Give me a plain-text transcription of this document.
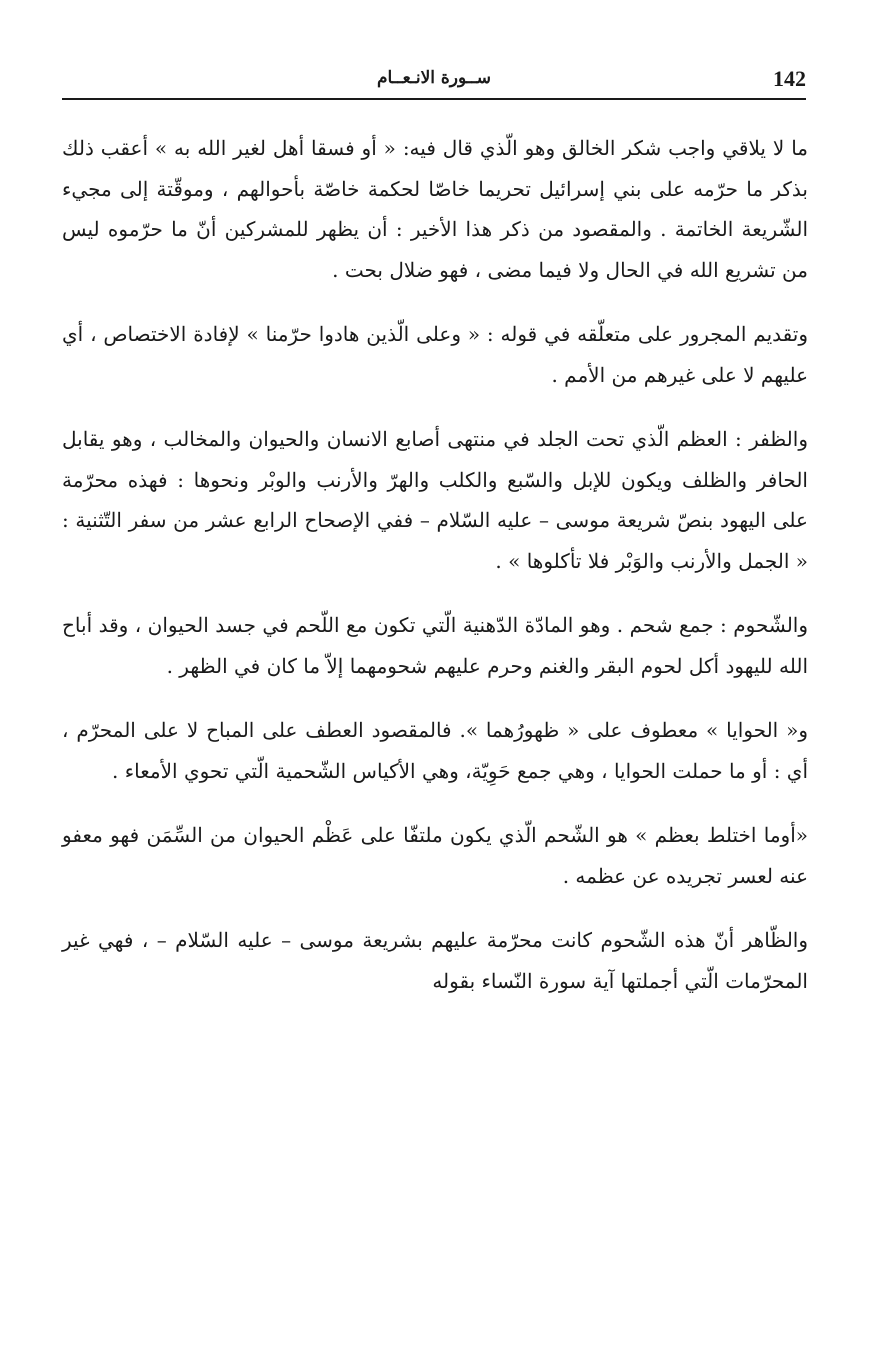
142
ســورة الانـعــام

ما لا يلاقي واجب شكر الخالق وهو الّذي قال فيه: « أو فسقا أهل لغير الله به » أعقب ذلك بذكر ما حرّمه على بني إسرائيل تحريما خاصّا لحكمة خاصّة بأحوالهم ، وموقّتة إلى مجيء الشّريعة الخاتمة . والمقصود من ذكر هذا الأخير : أن يظهر للمشركين أنّ ما حرّموه ليس من تشريع الله في الحال ولا فيما مضى ، فهو ضلال بحت .

وتقديم المجرور على متعلّقه في قوله : « وعلى الّذين هادوا حرّمنا » لإفادة الاختصاص ، أي عليهم لا على غيرهم من الأمم .

والظفر : العظم الّذي تحت الجلد في منتهى أصابع الانسان والحيوان والمخالب ، وهو يقابل الحافر والظلف ويكون للإبل والسّبع والكلب والهرّ والأرنب والوبْر ونحوها : فهذه محرّمة على اليهود بنصّ شريعة موسى – عليه السّلام – ففي الإصحاح الرابع عشر من سفر التّثنية : « الجمل والأرنب والوَبْر فلا تأكلوها » .

والشّحوم : جمع شحم . وهو المادّة الدّهنية الّتي تكون مع اللّحم في جسد الحيوان ، وقد أباح الله لليهود أكل لحوم البقر والغنم وحرم عليهم شحومهما إلاّ ما كان في الظهر .

و« الحوايا » معطوف على « ظهورُهما ». فالمقصود العطف على المباح لا على المحرّم ، أي : أو ما حملت الحوايا ، وهي جمع حَوِيّة، وهي الأكياس الشّحمية الّتي تحوي الأمعاء .

«أوما اختلط بعظم » هو الشّحم الّذي يكون ملتفّا على عَظْم الحيوان من السِّمَن فهو معفو عنه لعسر تجريده عن عظمه .

والظّاهر أنّ هذه الشّحوم كانت محرّمة عليهم بشريعة موسى – عليه السّلام – ، فهي غير المحرّمات الّتي أجملتها آية سورة النّساء بقوله
